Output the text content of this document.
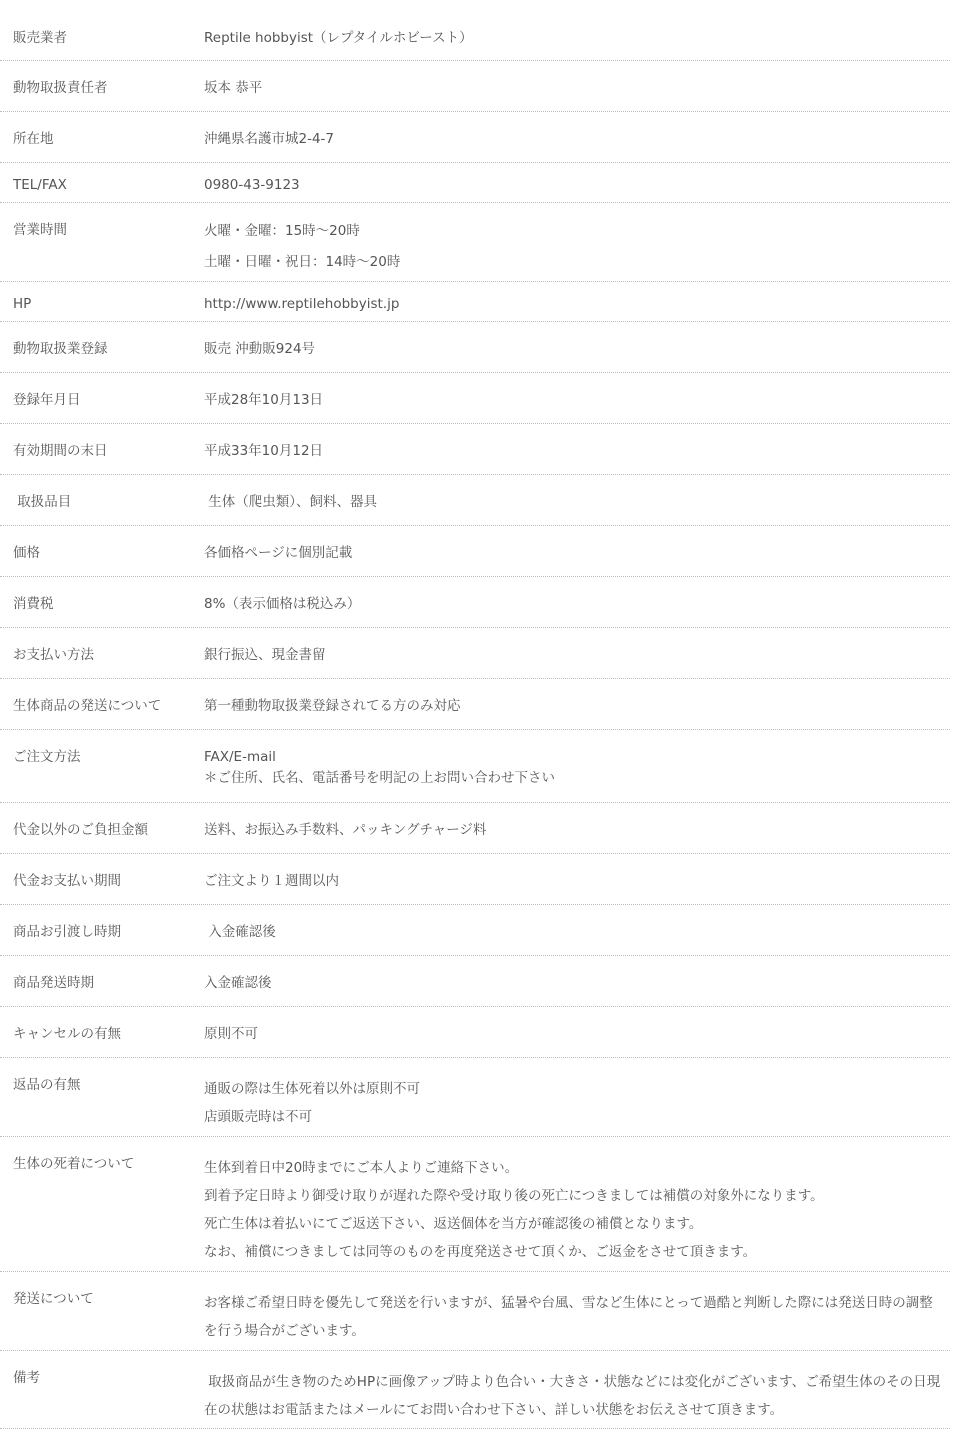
販売業者	Reptile hobbyist（レプタイルホビースト）
動物取扱責任者	坂本 恭平
所在地	沖縄県名護市城2-4-7
TEL/FAX	0980-43-9123
営業時間	火曜・金曜：15時〜20時
土曜・日曜・祝日：14時〜20時
HP	http://www.reptilehobbyist.jp
動物取扱業登録	販売 沖動販924号
登録年月日	平成28年10月13日
有効期間の末日	平成33年10月12日
取扱品目	生体（爬虫類）、飼料、器具
価格	各価格ページに個別記載
消費税	8%（表示価格は税込み）
お支払い方法	銀行振込、現金書留
生体商品の発送について	第一種動物取扱業登録されてる方のみ対応
ご注文方法	FAX/E-mail
＊ご住所、氏名、電話番号を明記の上お問い合わせ下さい
代金以外のご負担金額	送料、お振込み手数料、パッキングチャージ料
代金お支払い期間	ご注文より１週間以内
商品お引渡し時期	入金確認後
商品発送時期	入金確認後
キャンセルの有無	原則不可
返品の有無	通販の際は生体死着以外は原則不可
店頭販売時は不可
生体の死着について	生体到着日中20時までにご本人よりご連絡下さい。
到着予定日時より御受け取りが遅れた際や受け取り後の死亡につきましては補償の対象外になります。
死亡生体は着払いにてご返送下さい、返送個体を当方が確認後の補償となります。
なお、補償につきましては同等のものを再度発送させて頂くか、ご返金をさせて頂きます。
発送について	お客様ご希望日時を優先して発送を行いますが、猛暑や台風、雪など生体にとって過酷と判断した際には発送日時の調整を行う場合がございます。
備考	取扱商品が生き物のためHPに画像アップ時より色合い・大きさ・状態などには変化がございます、ご希望生体のその日現在の状態はお電話またはメールにてお問い合わせ下さい、詳しい状態をお伝えさせて頂きます。
